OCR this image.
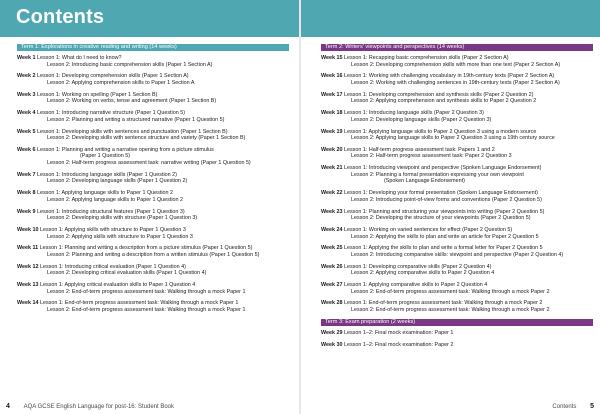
Contents
Term 1: Explorations in creative reading and writing (14 weeks)
Week 1 Lesson 1: What do I need to know?
Lesson 2: Introducing basic comprehension skills (Paper 1 Section A)
Week 2 Lesson 1: Developing comprehension skills (Paper 1 Section A)
Lesson 2: Applying comprehension skills to Paper 1 Section A
Week 3 Lesson 1: Working on spelling (Paper 1 Section B)
Lesson 2: Working on verbs, tense and agreement (Paper 1 Section B)
Week 4 Lesson 1: Introducing narrative structure (Paper 1 Question 5)
Lesson 2: Planning and writing a structured narrative (Paper 1 Question 5)
Week 5 Lesson 1: Developing skills with sentences and punctuation (Paper 1 Section B)
Lesson 2: Developing skills with sentence structure and variety (Paper 1 Section B)
Week 6 Lesson 1: Planning and writing a narrative opening from a picture stimulus
(Paper 1 Question 5)
Lesson 2: Half-term progress assessment task: narrative writing (Paper 1 Question 5)
Week 7 Lesson 1: Introducing language skills (Paper 1 Question 2)
Lesson 2: Developing language skills (Paper 1 Question 2)
Week 8 Lesson 1: Applying language skills to Paper 1 Question 2
Lesson 2: Applying language skills to Paper 1 Question 2
Week 9 Lesson 1: Introducing structural features (Paper 1 Question 3)
Lesson 2: Developing skills with structure (Paper 1 Question 3)
Week 10 Lesson 1: Applying skills with structure to Paper 1 Question 3
Lesson 2: Applying skills with structure to Paper 1 Question 3
Week 11 Lesson 1: Planning and writing a description from a picture stimulus (Paper 1 Question 5)
Lesson 2: Planning and writing a description from a written stimulus (Paper 1 Question 5)
Week 12 Lesson 1: Introducing critical evaluation (Paper 1 Question 4)
Lesson 2: Developing critical evaluation skills (Paper 1 Question 4)
Week 13 Lesson 1: Applying critical evaluation skills to Paper 1 Question 4
Lesson 2: End-of-term progress assessment task: Walking through a mock Paper 1
Week 14 Lesson 1: End-of-term progress assessment task: Walking through a mock Paper 1
Lesson 2: End-of-term progress assessment task: Walking through a mock Paper 1
Term 2: Writers' viewpoints and perspectives (14 weeks)
Week 15 Lesson 1: Recapping basic comprehension skills (Paper 2 Section A)
Lesson 2: Developing comprehension skills with more than one text (Paper 2 Section A)
Week 16 Lesson 1: Working with challenging vocabulary in 19th-century texts (Paper 2 Section A)
Lesson 2: Working with challenging sentences in 19th-century texts (Paper 2 Section A)
Week 17 Lesson 1: Developing comprehension and synthesis skills (Paper 2 Question 2)
Lesson 2: Applying comprehension and synthesis skills to Paper 2 Question 2
Week 18 Lesson 1: Introducing language skills (Paper 2 Question 3)
Lesson 2: Developing language skills (Paper 2 Question 3)
Week 19 Lesson 1: Applying language skills to Paper 2 Question 3 using a modern source
Lesson 2: Applying language skills to Paper 2 Question 3 using a 19th century source
Week 20 Lesson 1: Half-term progress assessment task: Papers 1 and 2
Lesson 2: Half-term progress assessment task: Paper 2 Question 3
Week 21 Lesson 1: Introducing viewpoint and perspective (Spoken Language Endorsement)
Lesson 2: Planning a formal presentation expressing your own viewpoint
(Spoken Language Endorsement)
Week 22 Lesson 1: Developing your formal presentation (Spoken Language Endorsement)
Lesson 2: Introducing point-of-view forms and conventions (Paper 2 Question 5)
Week 23 Lesson 1: Planning and structuring your viewpoints into writing (Paper 2 Question 5)
Lesson 2: Developing the structure of your viewpoints (Paper 2 Question 5)
Week 24 Lesson 1: Working on varied sentences for effect (Paper 2 Question 5)
Lesson 2: Applying the skills to plan and write an article for Paper 2 Question 5
Week 25 Lesson 1: Applying the skills to plan and write a formal letter for Paper 2 Question 5
Lesson 2: Introducing comparative skills: viewpoint and perspective (Paper 2 Question 4)
Week 26 Lesson 1: Developing comparative skills (Paper 2 Question 4)
Lesson 2: Applying comparative skills to Paper 2 Question 4
Week 27 Lesson 1: Applying comparative skills to Paper 2 Question 4
Lesson 2: End-of-term progress assessment task: Walking through a mock Paper 2
Week 28 Lesson 1: End-of-term progress assessment task: Walking through a mock Paper 2
Lesson 2: End-of-term progress assessment task: Walking through a mock Paper 2
Term 3: Exam preparation (2 weeks)
Week 29 Lesson 1–2: Final mock examination: Paper 1
Week 30 Lesson 1–2: Final mock examination: Paper 2
4 AQA GCSE English Language for post-16: Student Book	Contents 5
